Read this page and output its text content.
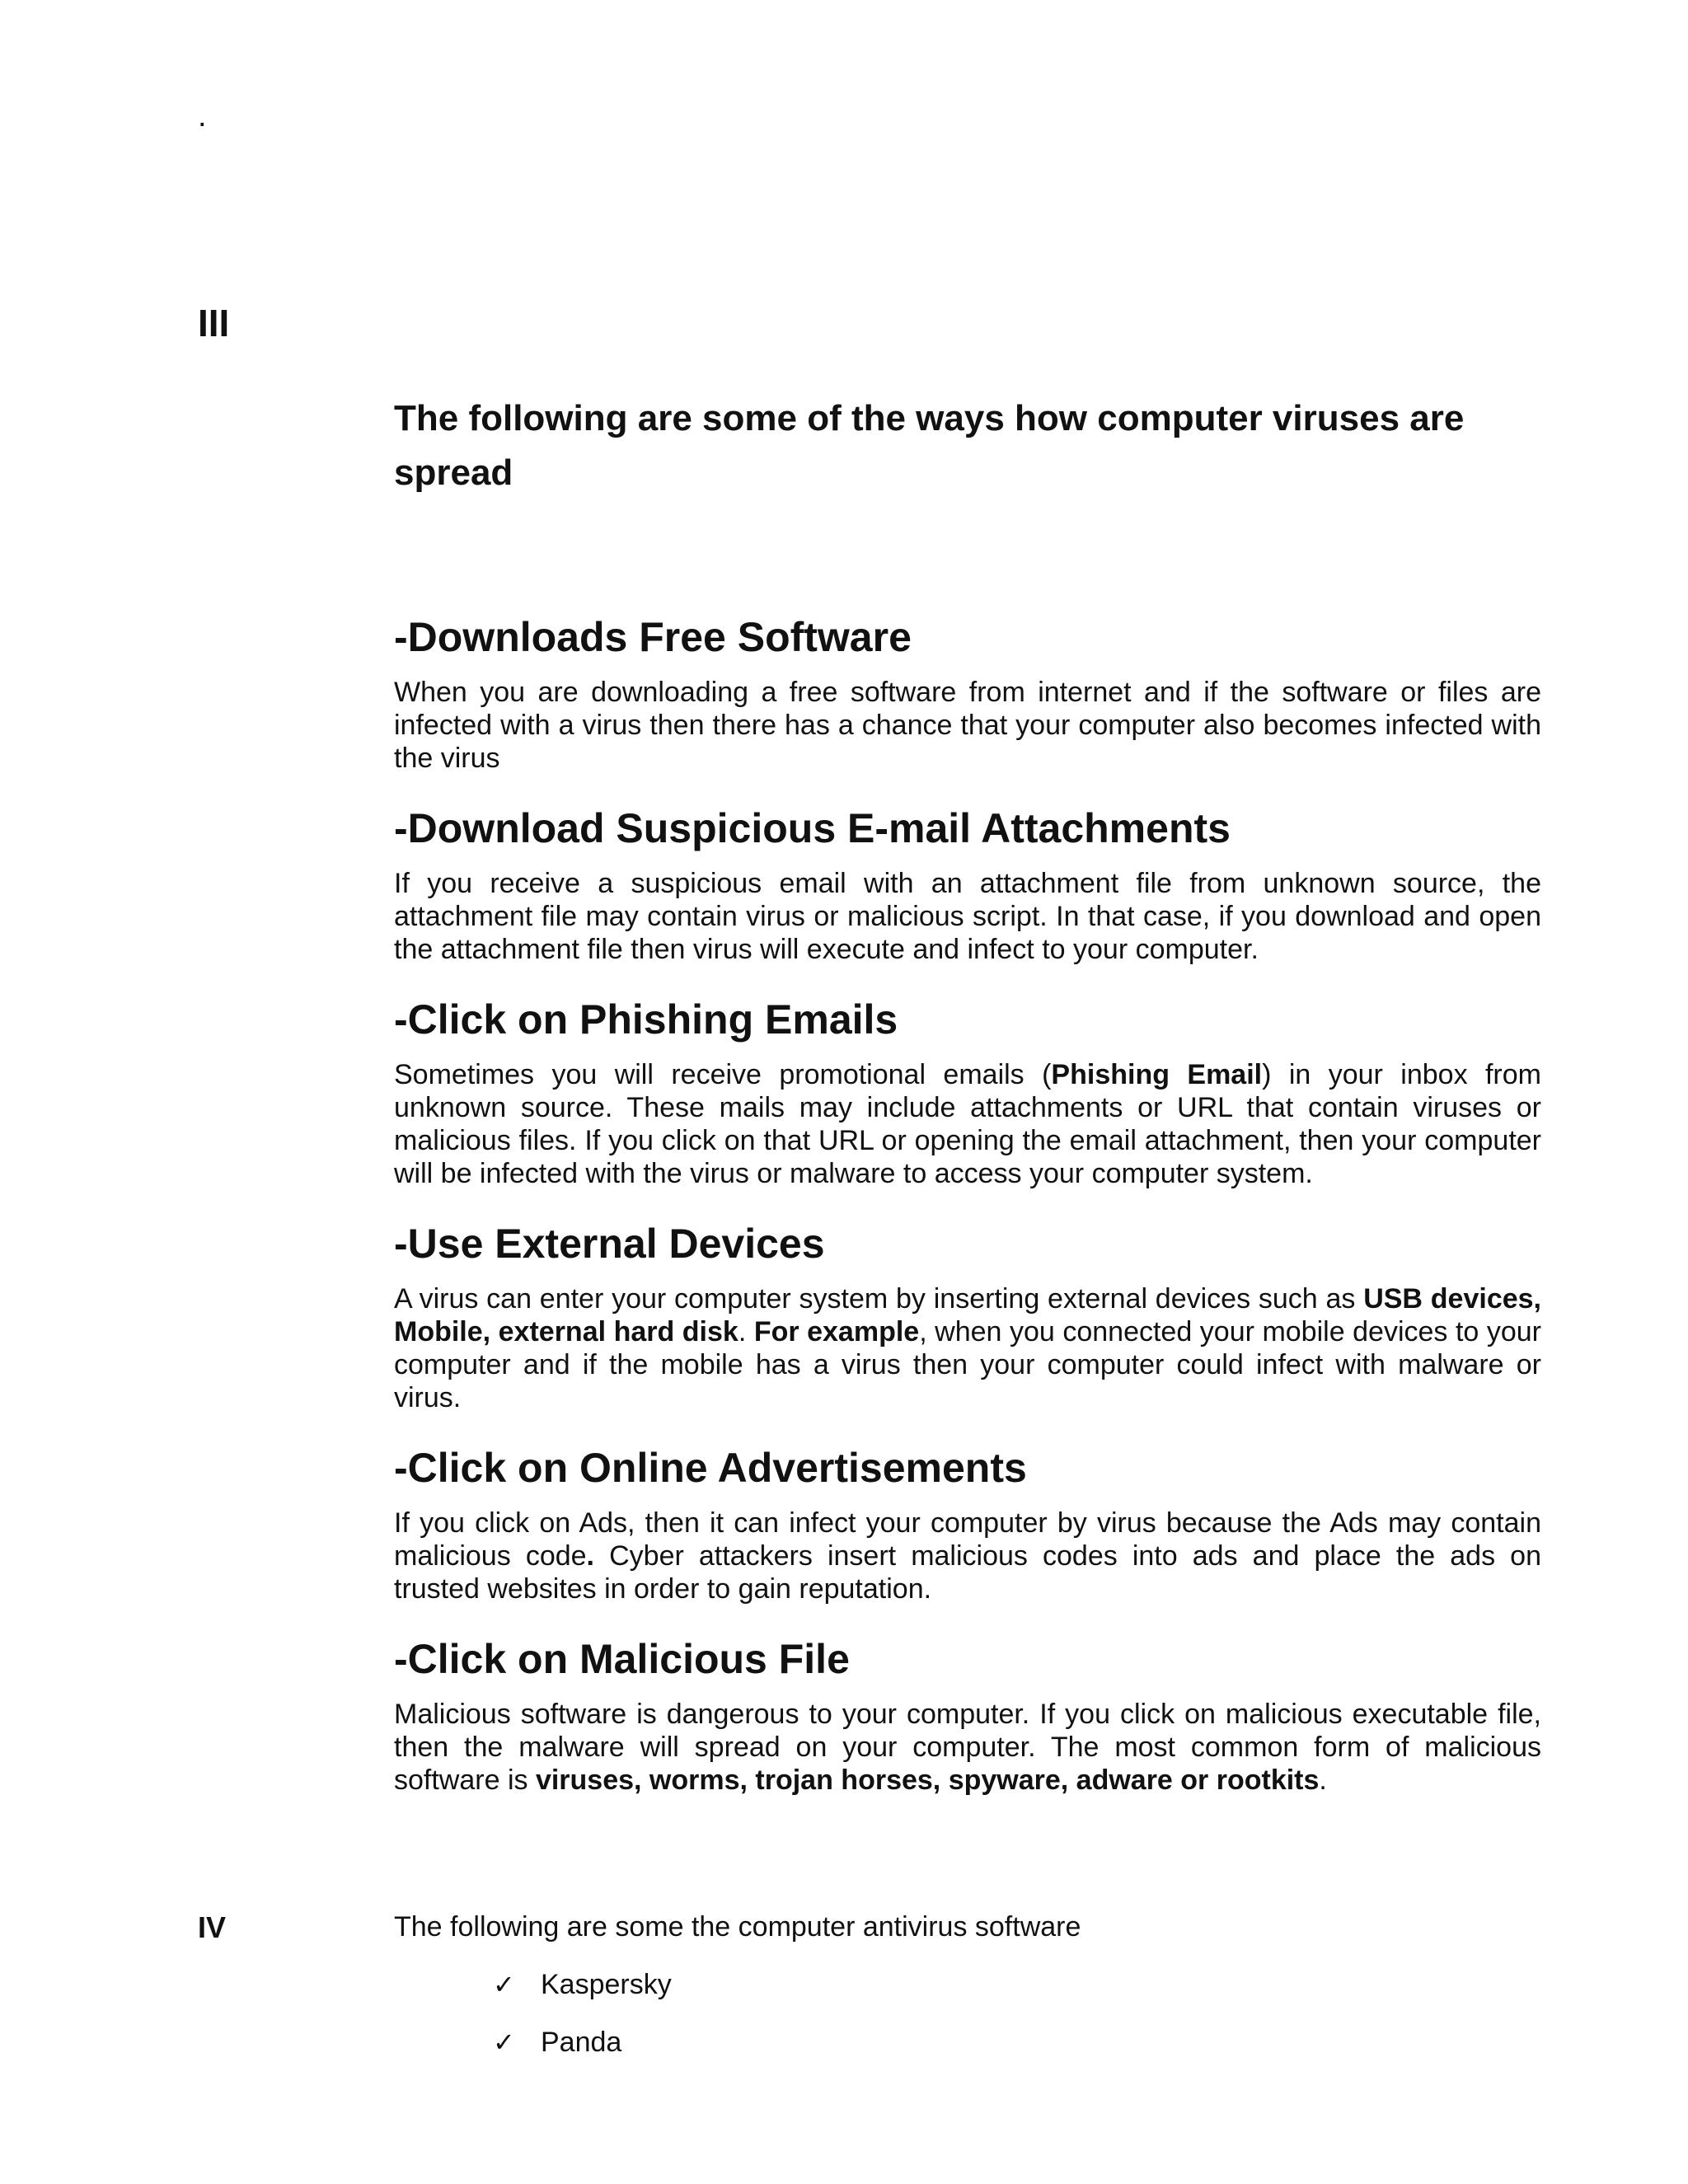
.
III
The following are some of the ways how computer viruses are spread
-Downloads Free Software

When you are downloading a free software from internet and if the software or files are infected with a virus then there has a chance that your computer also becomes infected with the virus

-Download Suspicious E-mail Attachments

If you receive a suspicious email with an attachment file from unknown source, the attachment file may contain virus or malicious script. In that case, if you download and open the attachment file then virus will execute and infect to your computer.

-Click on Phishing Emails

Sometimes you will receive promotional emails (Phishing Email) in your inbox from unknown source. These mails may include attachments or URL that contain viruses or malicious files. If you click on that URL or opening the email attachment, then your computer will be infected with the virus or malware to access your computer system.

-Use External Devices

A virus can enter your computer system by inserting external devices such as USB devices, Mobile, external hard disk. For example, when you connected your mobile devices to your computer and if the mobile has a virus then your computer could infect with malware or virus.

-Click on Online Advertisements

If you click on Ads, then it can infect your computer by virus because the Ads may contain malicious code. Cyber attackers insert malicious codes into ads and place the ads on trusted websites in order to gain reputation.

-Click on Malicious File

Malicious software is dangerous to your computer. If you click on malicious executable file, then the malware will spread on your computer. The most common form of malicious software is viruses, worms, trojan horses, spyware, adware or rootkits.

IV	The following are some the computer antivirus software
✓ Kaspersky
✓ Panda
